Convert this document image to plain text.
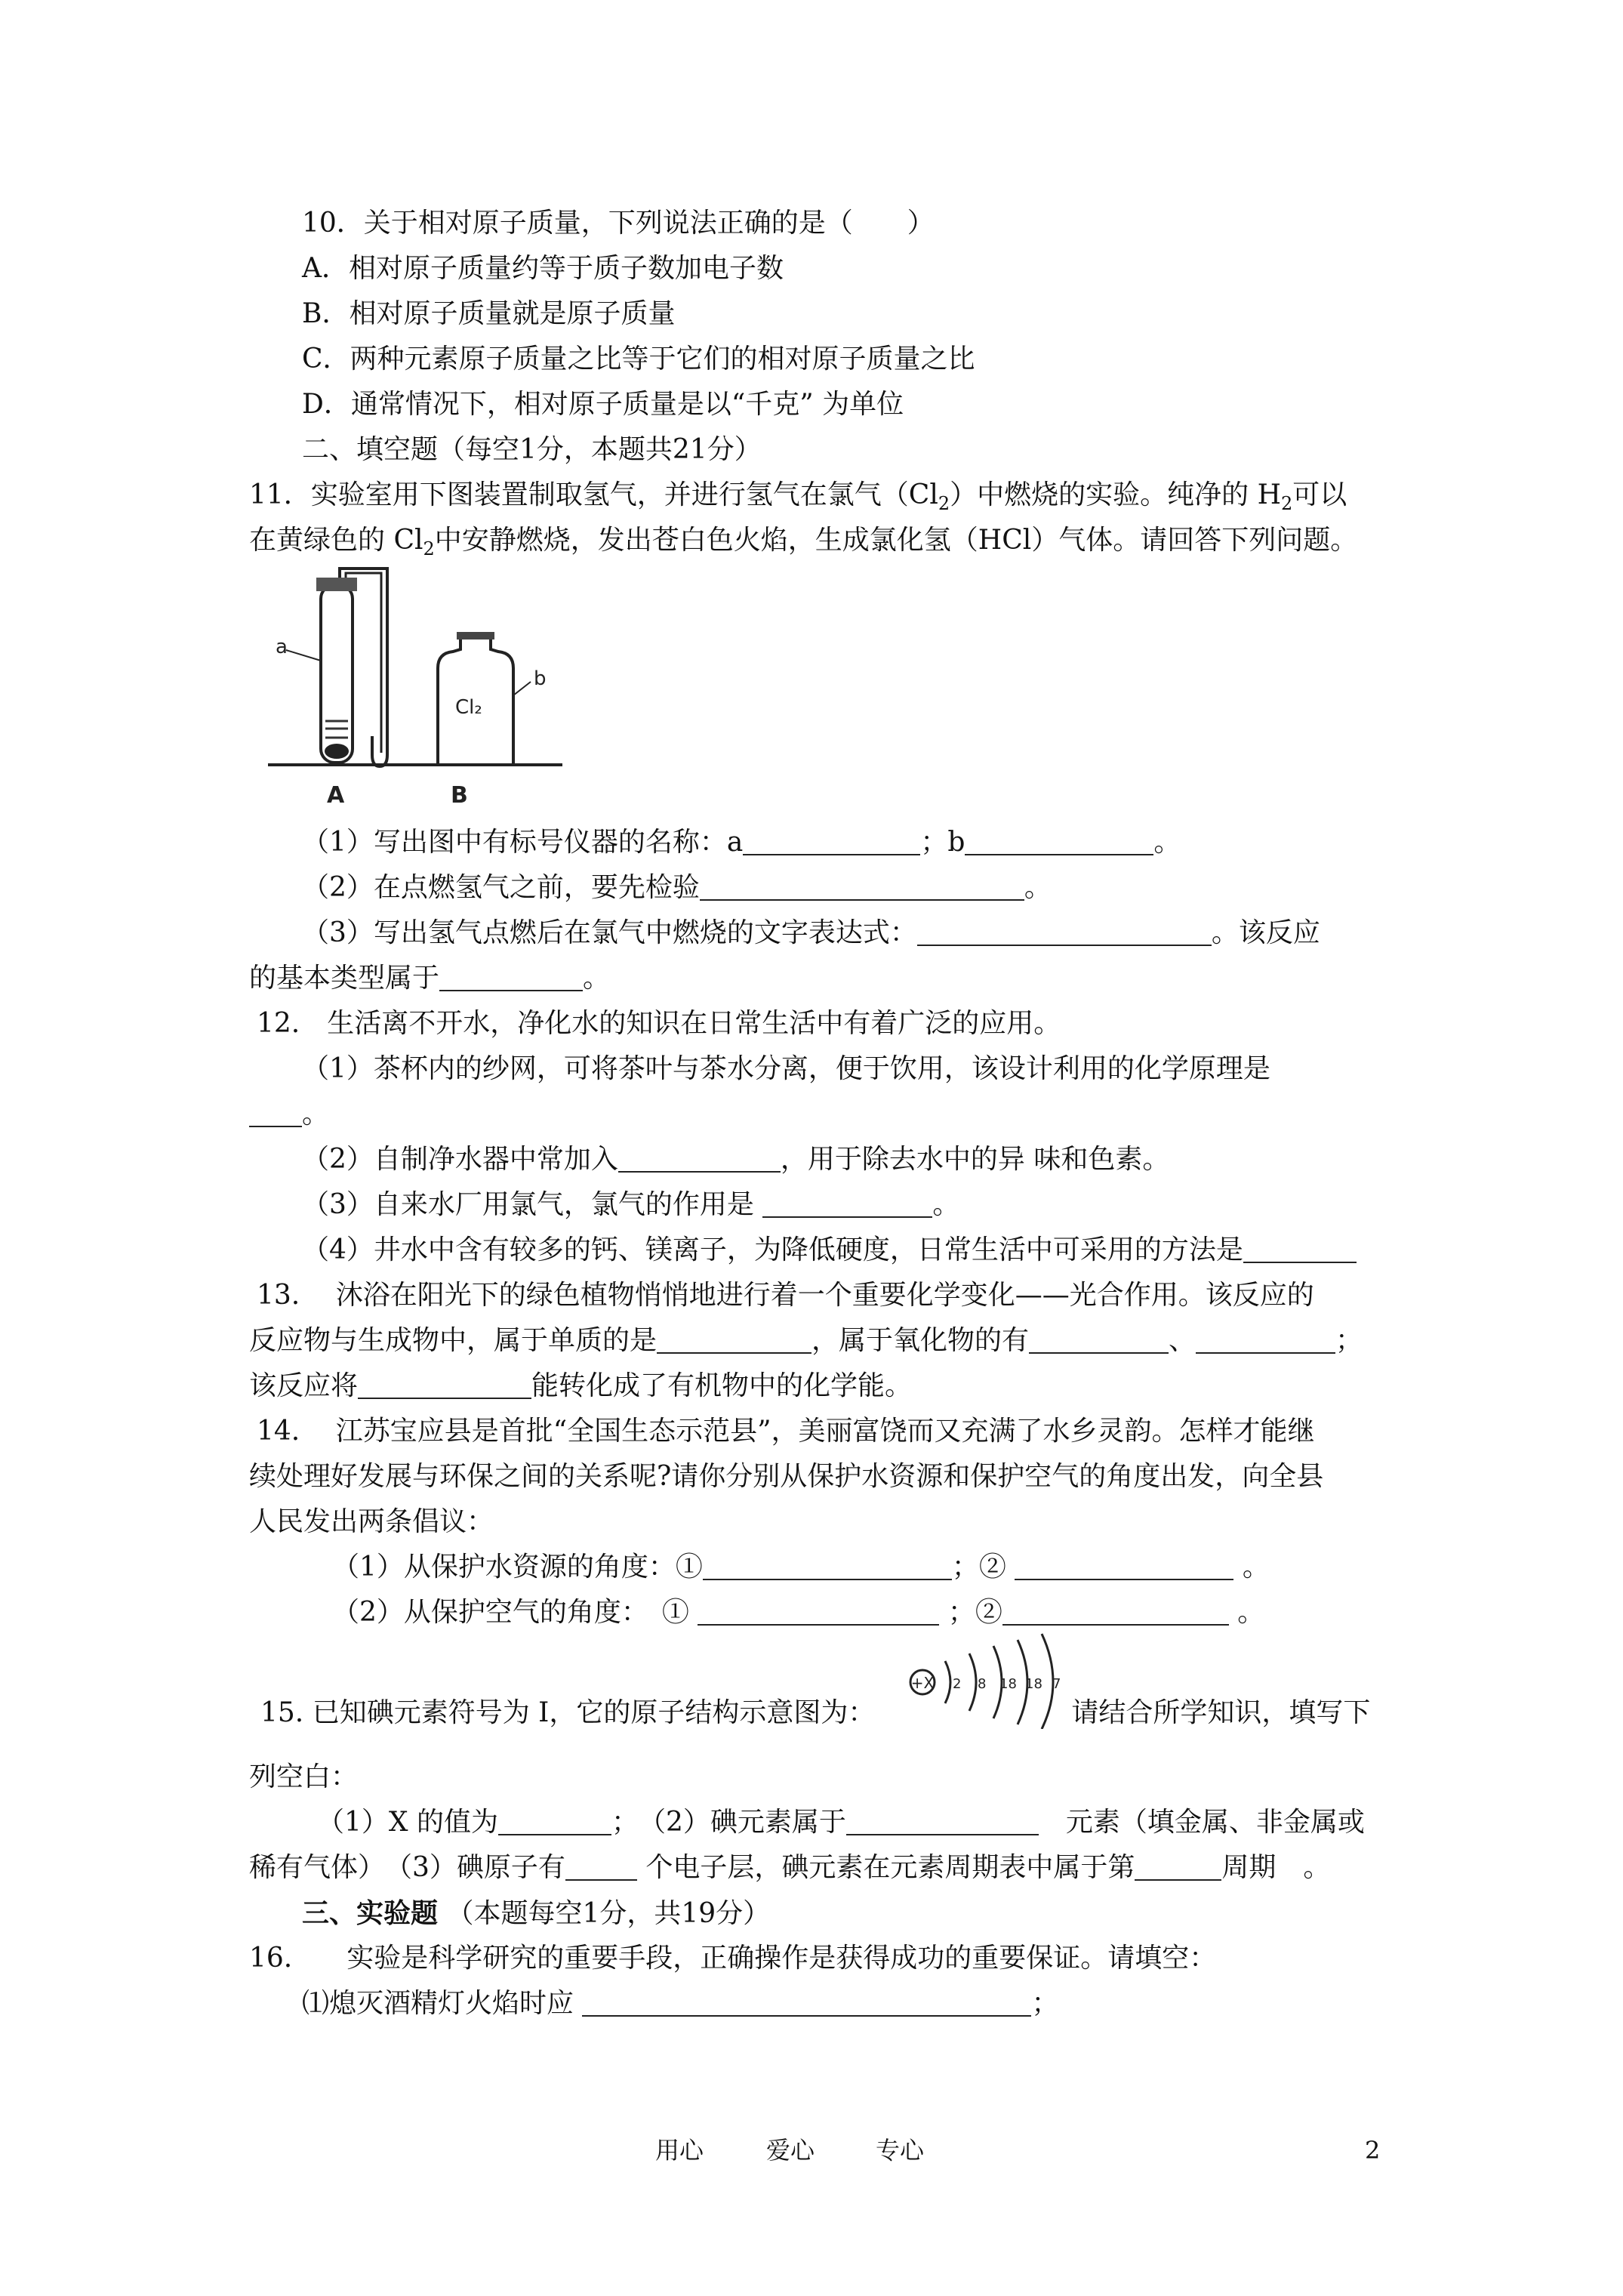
10．关于相对原子质量，下列说法正确的是（　　）
A．相对原子质量约等于质子数加电子数
B．相对原子质量就是原子质量
C．两种元素原子质量之比等于它们的相对原子质量之比
D．通常情况下，相对原子质量是以“千克” 为单位
二、填空题（每空1分，本题共21分）
11．实验室用下图装置制取氢气，并进行氢气在氯气$(Cl_2)$中燃烧的实验。纯净的 $H_2$可以
在黄绿色的 $Cl_2$中安静燃烧，发出苍白色火焰，生成氯化氢（HCl）气体。请回答下列问题。
a
Cl₂
b
A	B
（1）写出图中有标号仪器的名称：a	；b	。
（2）在点燃氢气之前，要先检验	。
（3）写出氢气点燃后在氯气中燃烧的文字表达式：	。该反应
的基本类型属于	。
12.　生活离不开水，净化水的知识在日常生活中有着广泛的应用。
（1）茶杯内的纱网，可将茶叶与茶水分离，便于饮用，该设计利用的化学原理是
。
（2）自制净水器中常加入	，用于除去水中的异 味和色素。
（3）自来水厂用氯气，氯气的作用是	。
（4）井水中含有较多的钙、镁离子，为降低硬度，日常生活中可采用的方法是
13.　 沐浴在阳光下的绿色植物悄悄地进行着一个重要化学变化——光合作用。该反应的
反应物与生成物中，属于单质的是	，属于氧化物的有	、	；
该反应将	能转化成了有机物中的化学能。
14.　 江苏宝应县是首批“全国生态示范县”，美丽富饶而又充满了水乡灵韵。怎样才能继
续处理好发展与环保之间的关系呢?请你分别从保护水资源和保护空气的角度出发，向全县
人民发出两条倡议：
（1）从保护水资源的角度：①	；②	。
（2）从保护空气的角度：　①	；②	。
+X 2 8 18 18 7
15. 已知碘元素符号为 I，它的原子结构示意图为：	请结合所学知识，填写下
列空白：
（1）X 的值为	；　（2）碘元素属于　	元素（填金属、非金属或
稀有气体）　（3）碘原子有	个电子层，碘元素在元素周期表中属于第	周期　。
三、实验题 （本题每空1分，共19分）
16.　　实验是科学研究的重要手段，正确操作是获得成功的重要保证。请填空：
⑴熄灭酒精灯火焰时应	；
用心	爱心	专心	2
